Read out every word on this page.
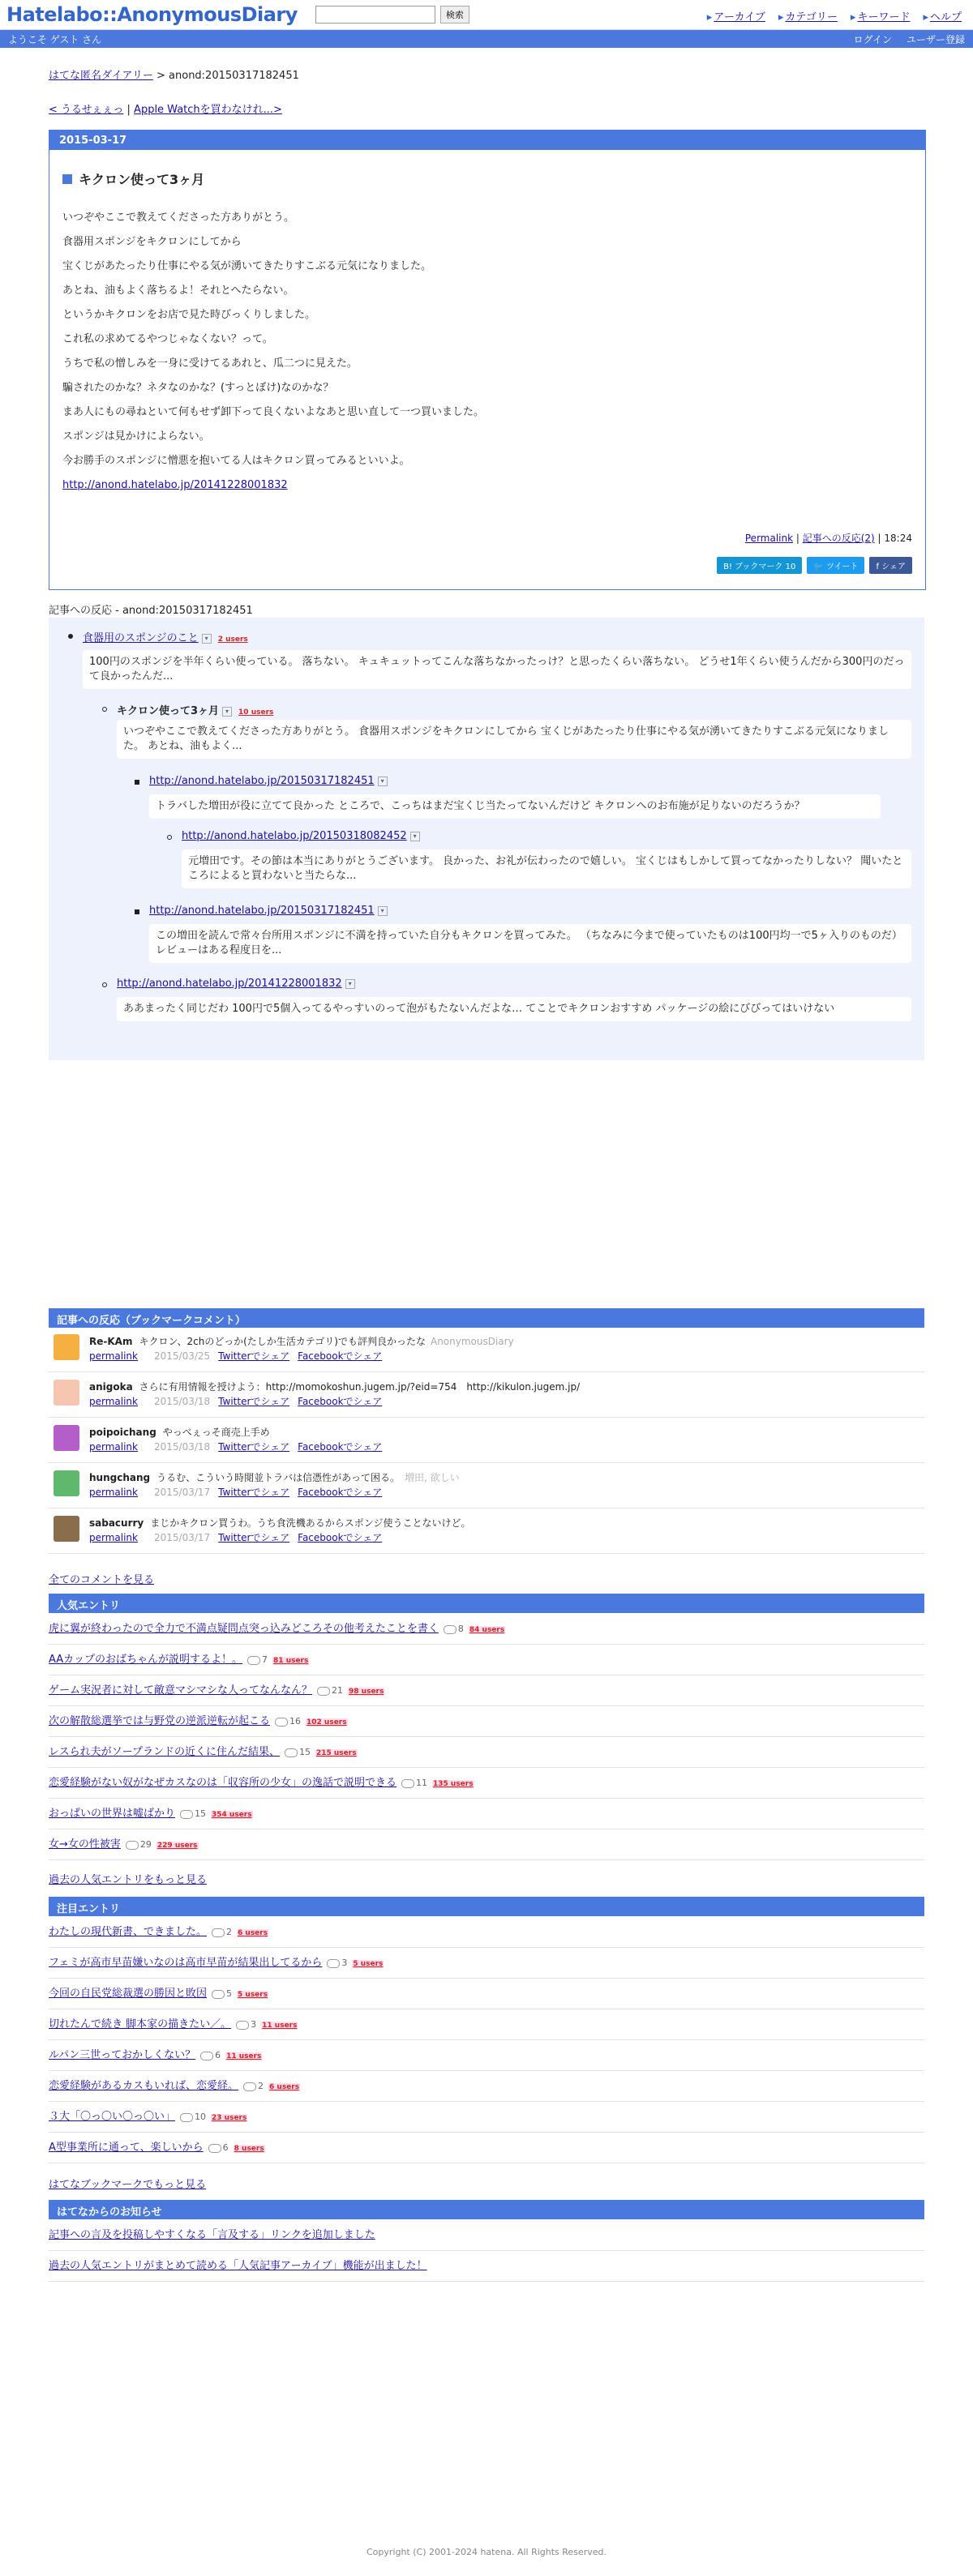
Hatelabo::AnonymousDiary	検索	▸ アーカイブ	▸ カテゴリー	▸ キーワード	▸ ヘルプ
ようこそ ゲスト さん	ログイン ユーザー登録
はてな匿名ダイアリー > anond:20150317182451
< うるせぇぇっ | Apple Watchを買わなけれ...>
2015-03-17
キクロン使って3ヶ月
いつぞやここで教えてくださった方ありがとう。
食器用スポンジをキクロンにしてから
宝くじがあたったり仕事にやる気が湧いてきたりすこぶる元気になりました。
あとね、油もよく落ちるよ！それとへたらない。
というかキクロンをお店で見た時びっくりしました。
これ私の求めてるやつじゃなくない？って。
うちで私の憎しみを一身に受けてるあれと、瓜二つに見えた。
騙されたのかな？ネタなのかな？(すっとぼけ)なのかな？
まあ人にもの尋ねといて何もせず卸下って良くないよなあと思い直して一つ買いました。
スポンジは見かけによらない。
今お勝手のスポンジに憎悪を抱いてる人はキクロン買ってみるといいよ。
http://anond.hatelabo.jp/20141228001832
Permalink | 記事への反応(2) | 18:24
B! ブックマーク 10	🐦 ツイート	f シェア
記事への反応 - anond:20150317182451
食器用のスポンジのこと ▾ 2 users
100円のスポンジを半年くらい使っている。 落ちない。 キュキュットってこんな落ちなかったっけ？と思ったくらい落ちない。 どうせ1年くらい使うんだから300円のだって良かったんだ...
キクロン使って3ヶ月 ▾ 10 users
いつぞやここで教えてくださった方ありがとう。 食器用スポンジをキクロンにしてから 宝くじがあたったり仕事にやる気が湧いてきたりすこぶる元気になりました。 あとね、油もよく...
http://anond.hatelabo.jp/20150317182451 ▾
トラバした増田が役に立てて良かった ところで、こっちはまだ宝くじ当たってないんだけど キクロンへのお布施が足りないのだろうか？
http://anond.hatelabo.jp/20150318082452 ▾
元増田です。その節は本当にありがとうございます。 良かった、お礼が伝わったので嬉しい。 宝くじはもしかして買ってなかったりしない？ 聞いたところによると買わないと当たらな...
http://anond.hatelabo.jp/20150317182451 ▾
この増田を読んで常々台所用スポンジに不満を持っていた自分もキクロンを買ってみた。 （ちなみに今まで使っていたものは100円均一で5ヶ入りのものだ） レビューはある程度日を...
http://anond.hatelabo.jp/20141228001832 ▾
ああまったく同じだわ 100円で5個入ってるやっすいのって泡がもたないんだよな… てことでキクロンおすすめ パッケージの絵にびびってはいけない
記事への反応（ブックマークコメント）
Re-KAm キクロン、2chのどっか(たしか生活カテゴリ)でも評判良かったな AnonymousDiary
permalink 2015/03/25 Twitterでシェア Facebookでシェア
anigoka さらに有用情報を授けよう：http://momokoshun.jugem.jp/?eid=754　http://kikulon.jugem.jp/
permalink 2015/03/18 Twitterでシェア Facebookでシェア
poipoichang やっべぇっそ商売上手め
permalink 2015/03/18 Twitterでシェア Facebookでシェア
hungchang うるむ、こういう時閲並トラバは信憑性があって困る。 増田, 欲しい
permalink 2015/03/17 Twitterでシェア Facebookでシェア
sabacurry まじかキクロン買うわ。うち食洗機あるからスポンジ使うことないけど。
permalink 2015/03/17 Twitterでシェア Facebookでシェア
全てのコメントを見る
人気エントリ
虎に翼が終わったので全力で不満点疑問点突っ込みどころその他考えたことを書く 8 84 users
AAカップのおばちゃんが説明するよ！。 7 81 users
ゲーム実況者に対して敵意マシマシな人ってなんなん？ 21 98 users
次の解散総選挙では与野党の逆派逆転が起こる 16 102 users
レスられ夫がソープランドの近くに住んだ結果、 15 215 users
恋愛経験がない奴がなぜカスなのは「収容所の少女」の逸話で説明できる 11 135 users
おっぱいの世界は嘘ばかり 15 354 users
女→女の性被害 29 229 users
過去の人気エントリをもっと見る
注目エントリ
わたしの現代新書、できました。 2 6 users
フェミが高市早苗嫌いなのは高市早苗が結果出してるから 3 5 users
今回の自民党総裁選の勝因と敗因 5 5 users
切れたんで続き 脚本家の描きたい／。 3 11 users
ルパン三世っておかしくない？ 6 11 users
恋愛経験があるカスもいれば、恋愛経。 2 6 users
３大「〇っ〇い〇っ〇い」 10 23 users
A型事業所に通って、楽しいから 6 8 users
はてなブックマークでもっと見る
はてなからのお知らせ
記事への言及を投稿しやすくなる「言及する」リンクを追加しました
過去の人気エントリがまとめて読める「人気記事アーカイブ」機能が出ました！
Copyright (C) 2001-2024 hatena. All Rights Reserved.
